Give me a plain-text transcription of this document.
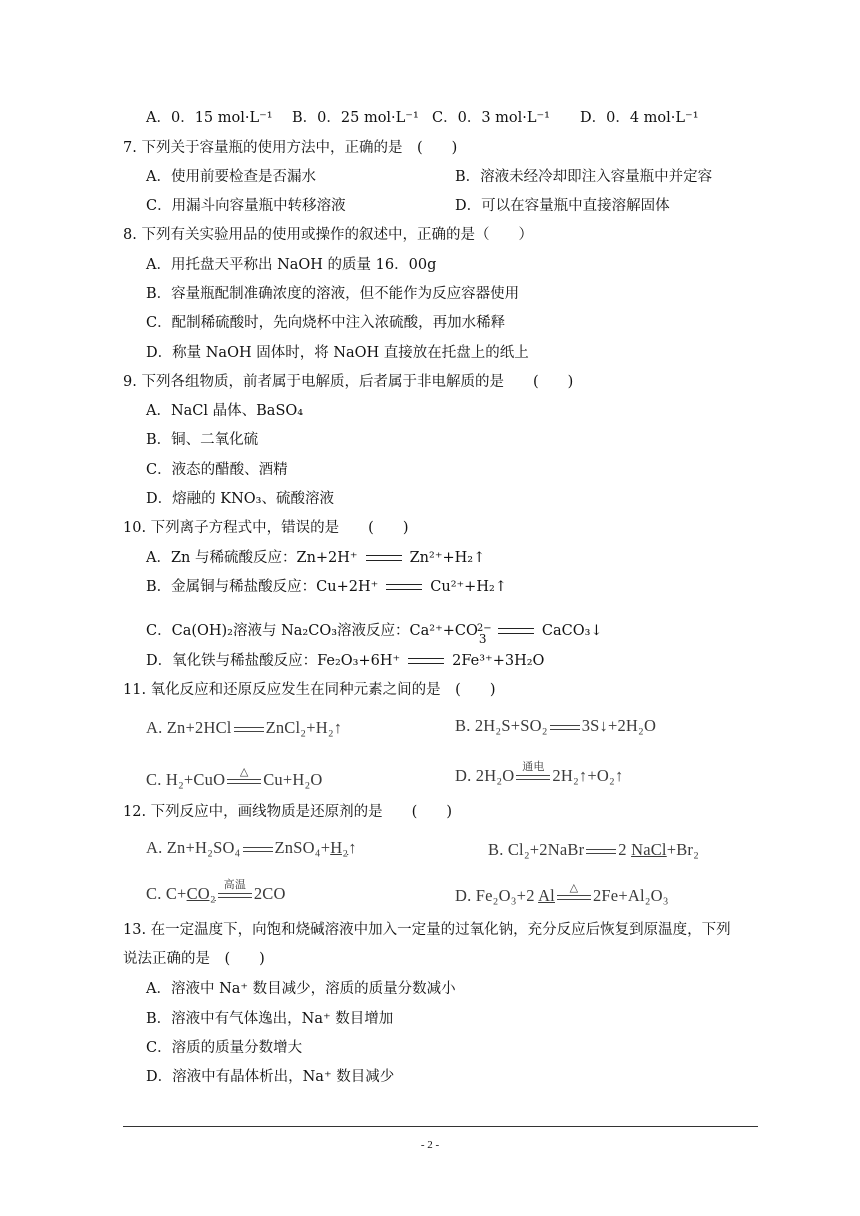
A．0．15 mol·L⁻¹ B．0．25 mol·L⁻¹ C．0．3 mol·L⁻¹ D．0．4 mol·L⁻¹
7. 下列关于容量瓶的使用方法中，正确的是　(　　)
A．使用前要检查是否漏水	B．溶液未经冷却即注入容量瓶中并定容
C．用漏斗向容量瓶中转移溶液	D．可以在容量瓶中直接溶解固体
8. 下列有关实验用品的使用或操作的叙述中，正确的是（　　）
A．用托盘天平称出 NaOH 的质量 16．00g
B．容量瓶配制准确浓度的溶液，但不能作为反应容器使用
C．配制稀硫酸时，先向烧杯中注入浓硫酸，再加水稀释
D．称量 NaOH 固体时，将 NaOH 直接放在托盘上的纸上
9. 下列各组物质，前者属于电解质，后者属于非电解质的是　　(　　)
A．NaCl 晶体、BaSO₄
B．铜、二氧化硫
C．液态的醋酸、酒精
D．熔融的 KNO₃、硫酸溶液
10. 下列离子方程式中，错误的是　　(　　)
A．Zn 与稀硫酸反应：Zn+2H⁺	Zn²⁺+H₂↑
B．金属铜与稀盐酸反应：Cu+2H⁺	Cu²⁺+H₂↑
C．Ca(OH)₂溶液与 Na₂CO₃溶液反应：Ca²⁺+CO 2−
3	CaCO₃↓
D．氧化铁与稀盐酸反应：Fe₂O₃+6H⁺	2Fe³⁺+3H₂O
11. 氧化反应和还原反应发生在同种元素之间的是　(　　)
A. Zn+2HCl ZnCl₂+H₂↑	B. 2H₂S+SO₂ 3S↓+2H₂O
C. H₂+CuO	△ Cu+H₂O	D. 2H₂O 通电 2H₂↑+O₂↑
12. 下列反应中，画线物质是还原剂的是　　(　　)
A. Zn+H₂SO₄ ZnSO₄+H₂↑	B. Cl₂+2NaBr 2 NaCl+Br₂
C. C+CO₂ 高温 2CO	D. Fe₂O₃+2 Al	△ 2Fe+Al₂O₃
13. 在一定温度下，向饱和烧碱溶液中加入一定量的过氧化钠，充分反应后恢复到原温度，下列
说法正确的是　(　　)
A．溶液中 Na⁺ 数目减少，溶质的质量分数减小
B．溶液中有气体逸出，Na⁺ 数目增加
C．溶质的质量分数增大
D．溶液中有晶体析出，Na⁺ 数目减少
- 2 -
